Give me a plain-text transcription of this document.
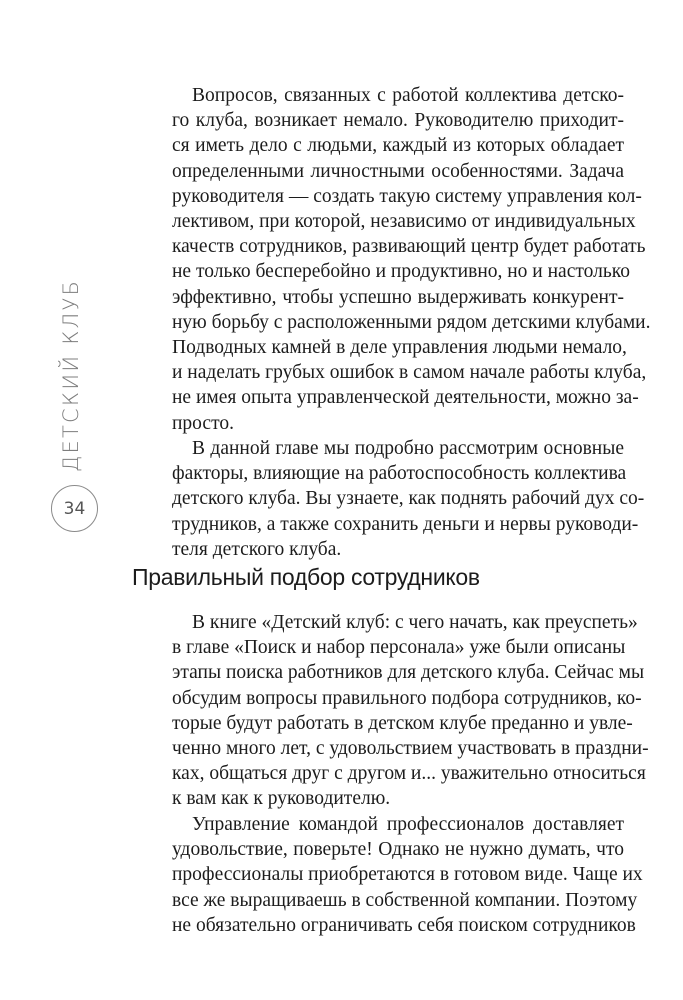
ДЕТСКИЙ КЛУБ
34

Вопросов, связанных с работой коллектива детско-
го клуба, возникает немало. Руководителю приходит-
ся иметь дело с людьми, каждый из которых обладает
определенными личностными особенностями. Задача
руководителя — создать такую систему управления кол-
лективом, при которой, независимо от индивидуальных
качеств сотрудников, развивающий центр будет работать
не только бесперебойно и продуктивно, но и настолько
эффективно, чтобы успешно выдерживать конкурент-
ную борьбу с расположенными рядом детскими клубами.
Подводных камней в деле управления людьми немало,
и наделать грубых ошибок в самом начале работы клуба,
не имея опыта управленческой деятельности, можно за-
просто.

В данной главе мы подробно рассмотрим основные
факторы, влияющие на работоспособность коллектива
детского клуба. Вы узнаете, как поднять рабочий дух со-
трудников, а также сохранить деньги и нервы руководи-
теля детского клуба.

Правильный подбор сотрудников

В книге «Детский клуб: с чего начать, как преуспеть»
в главе «Поиск и набор персонала» уже были описаны
этапы поиска работников для детского клуба. Сейчас мы
обсудим вопросы правильного подбора сотрудников, ко-
торые будут работать в детском клубе преданно и увле-
ченно много лет, с удовольствием участвовать в праздни-
ках, общаться друг с другом и... уважительно относиться
к вам как к руководителю.

Управление командой профессионалов доставляет
удовольствие, поверьте! Однако не нужно думать, что
профессионалы приобретаются в готовом виде. Чаще их
все же выращиваешь в собственной компании. Поэтому
не обязательно ограничивать себя поиском сотрудников
